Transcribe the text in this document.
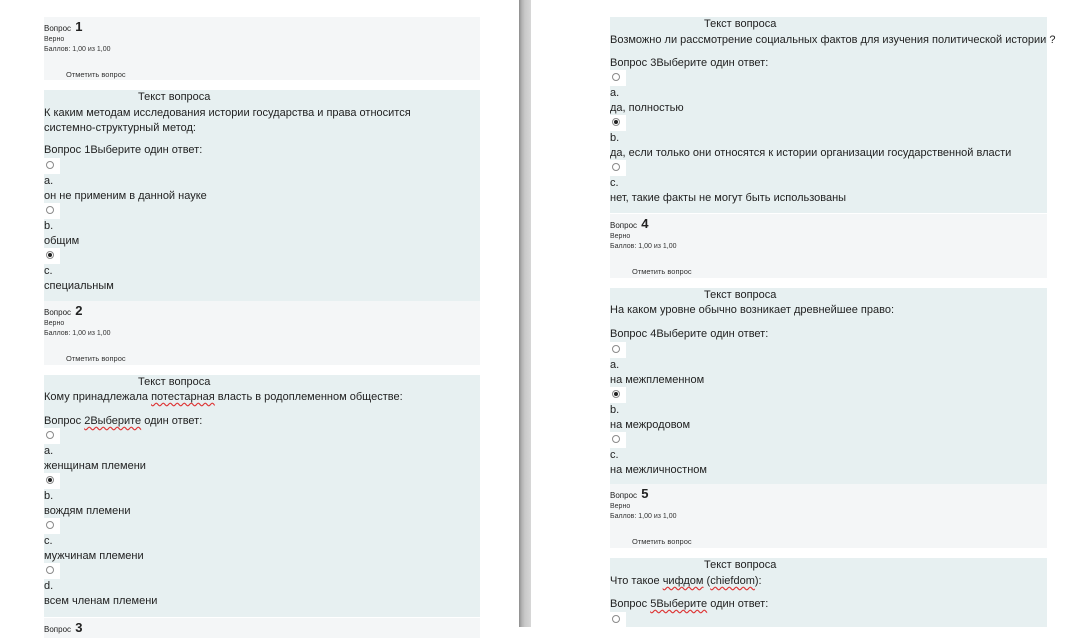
Вопрос 1
Верно
Баллов: 1,00 из 1,00
Отметить вопрос
Текст вопроса
К каким методам исследования истории государства и права относится системно-структурный метод:
Вопрос 1Выберите один ответ:
a.
он не применим в данной науке
b.
общим
c.
специальным
Вопрос 2
Верно
Баллов: 1,00 из 1,00
Отметить вопрос
Текст вопроса
Кому принадлежала потестарная власть в родоплеменном обществе:
Вопрос 2Выберите один ответ:
a.
женщинам племени
b.
вождям племени
c.
мужчинам племени
d.
всем членам племени
Вопрос 3
Текст вопроса
Возможно ли рассмотрение социальных фактов для изучения политической истории ?
Вопрос 3Выберите один ответ:
a.
да, полностью
b.
да, если только они относятся к истории организации государственной власти
c.
нет, такие факты не могут быть использованы
Вопрос 4
Верно
Баллов: 1,00 из 1,00
Отметить вопрос
Текст вопроса
На каком уровне обычно возникает древнейшее право:
Вопрос 4Выберите один ответ:
a.
на межплеменном
b.
на межродовом
c.
на межличностном
Вопрос 5
Верно
Баллов: 1,00 из 1,00
Отметить вопрос
Текст вопроса
Что такое чифдом (chiefdom):
Вопрос 5Выберите один ответ:
